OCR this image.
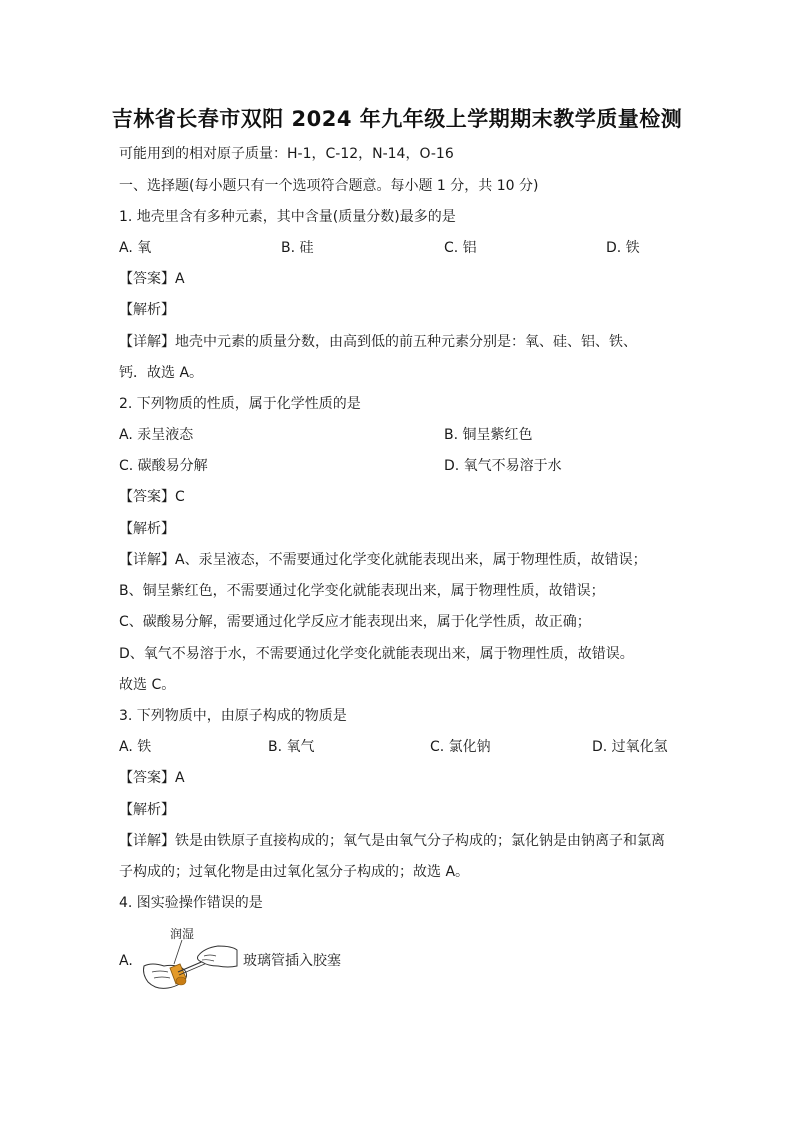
吉林省长春市双阳 2024 年九年级上学期期末教学质量检测
可能用到的相对原子质量：H-1，C-12，N-14，O-16
一、选择题(每小题只有一个选项符合题意。每小题 1 分，共 10 分)
1. 地壳里含有多种元素，其中含量(质量分数)最多的是
A. 氧	B. 硅	C. 铝	D. 铁
【答案】A
【解析】
【详解】地壳中元素的质量分数，由高到低的前五种元素分别是：氧、硅、铝、铁、
钙．故选 A。
2. 下列物质的性质，属于化学性质的是
A. 汞呈液态	B. 铜呈紫红色
C. 碳酸易分解	D. 氧气不易溶于水
【答案】C
【解析】
【详解】A、汞呈液态，不需要通过化学变化就能表现出来，属于物理性质，故错误；
B、铜呈紫红色，不需要通过化学变化就能表现出来，属于物理性质，故错误；
C、碳酸易分解，需要通过化学反应才能表现出来，属于化学性质，故正确；
D、氧气不易溶于水，不需要通过化学变化就能表现出来，属于物理性质，故错误。
故选 C。
3. 下列物质中，由原子构成的物质是
A. 铁	B. 氧气	C. 氯化钠	D. 过氧化氢
【答案】A
【解析】
【详解】铁是由铁原子直接构成的；氧气是由氧气分子构成的；氯化钠是由钠离子和氯离
子构成的；过氧化物是由过氧化氢分子构成的；故选 A。
4. 图实验操作错误的是
A.
润湿
玻璃管插入胶塞
